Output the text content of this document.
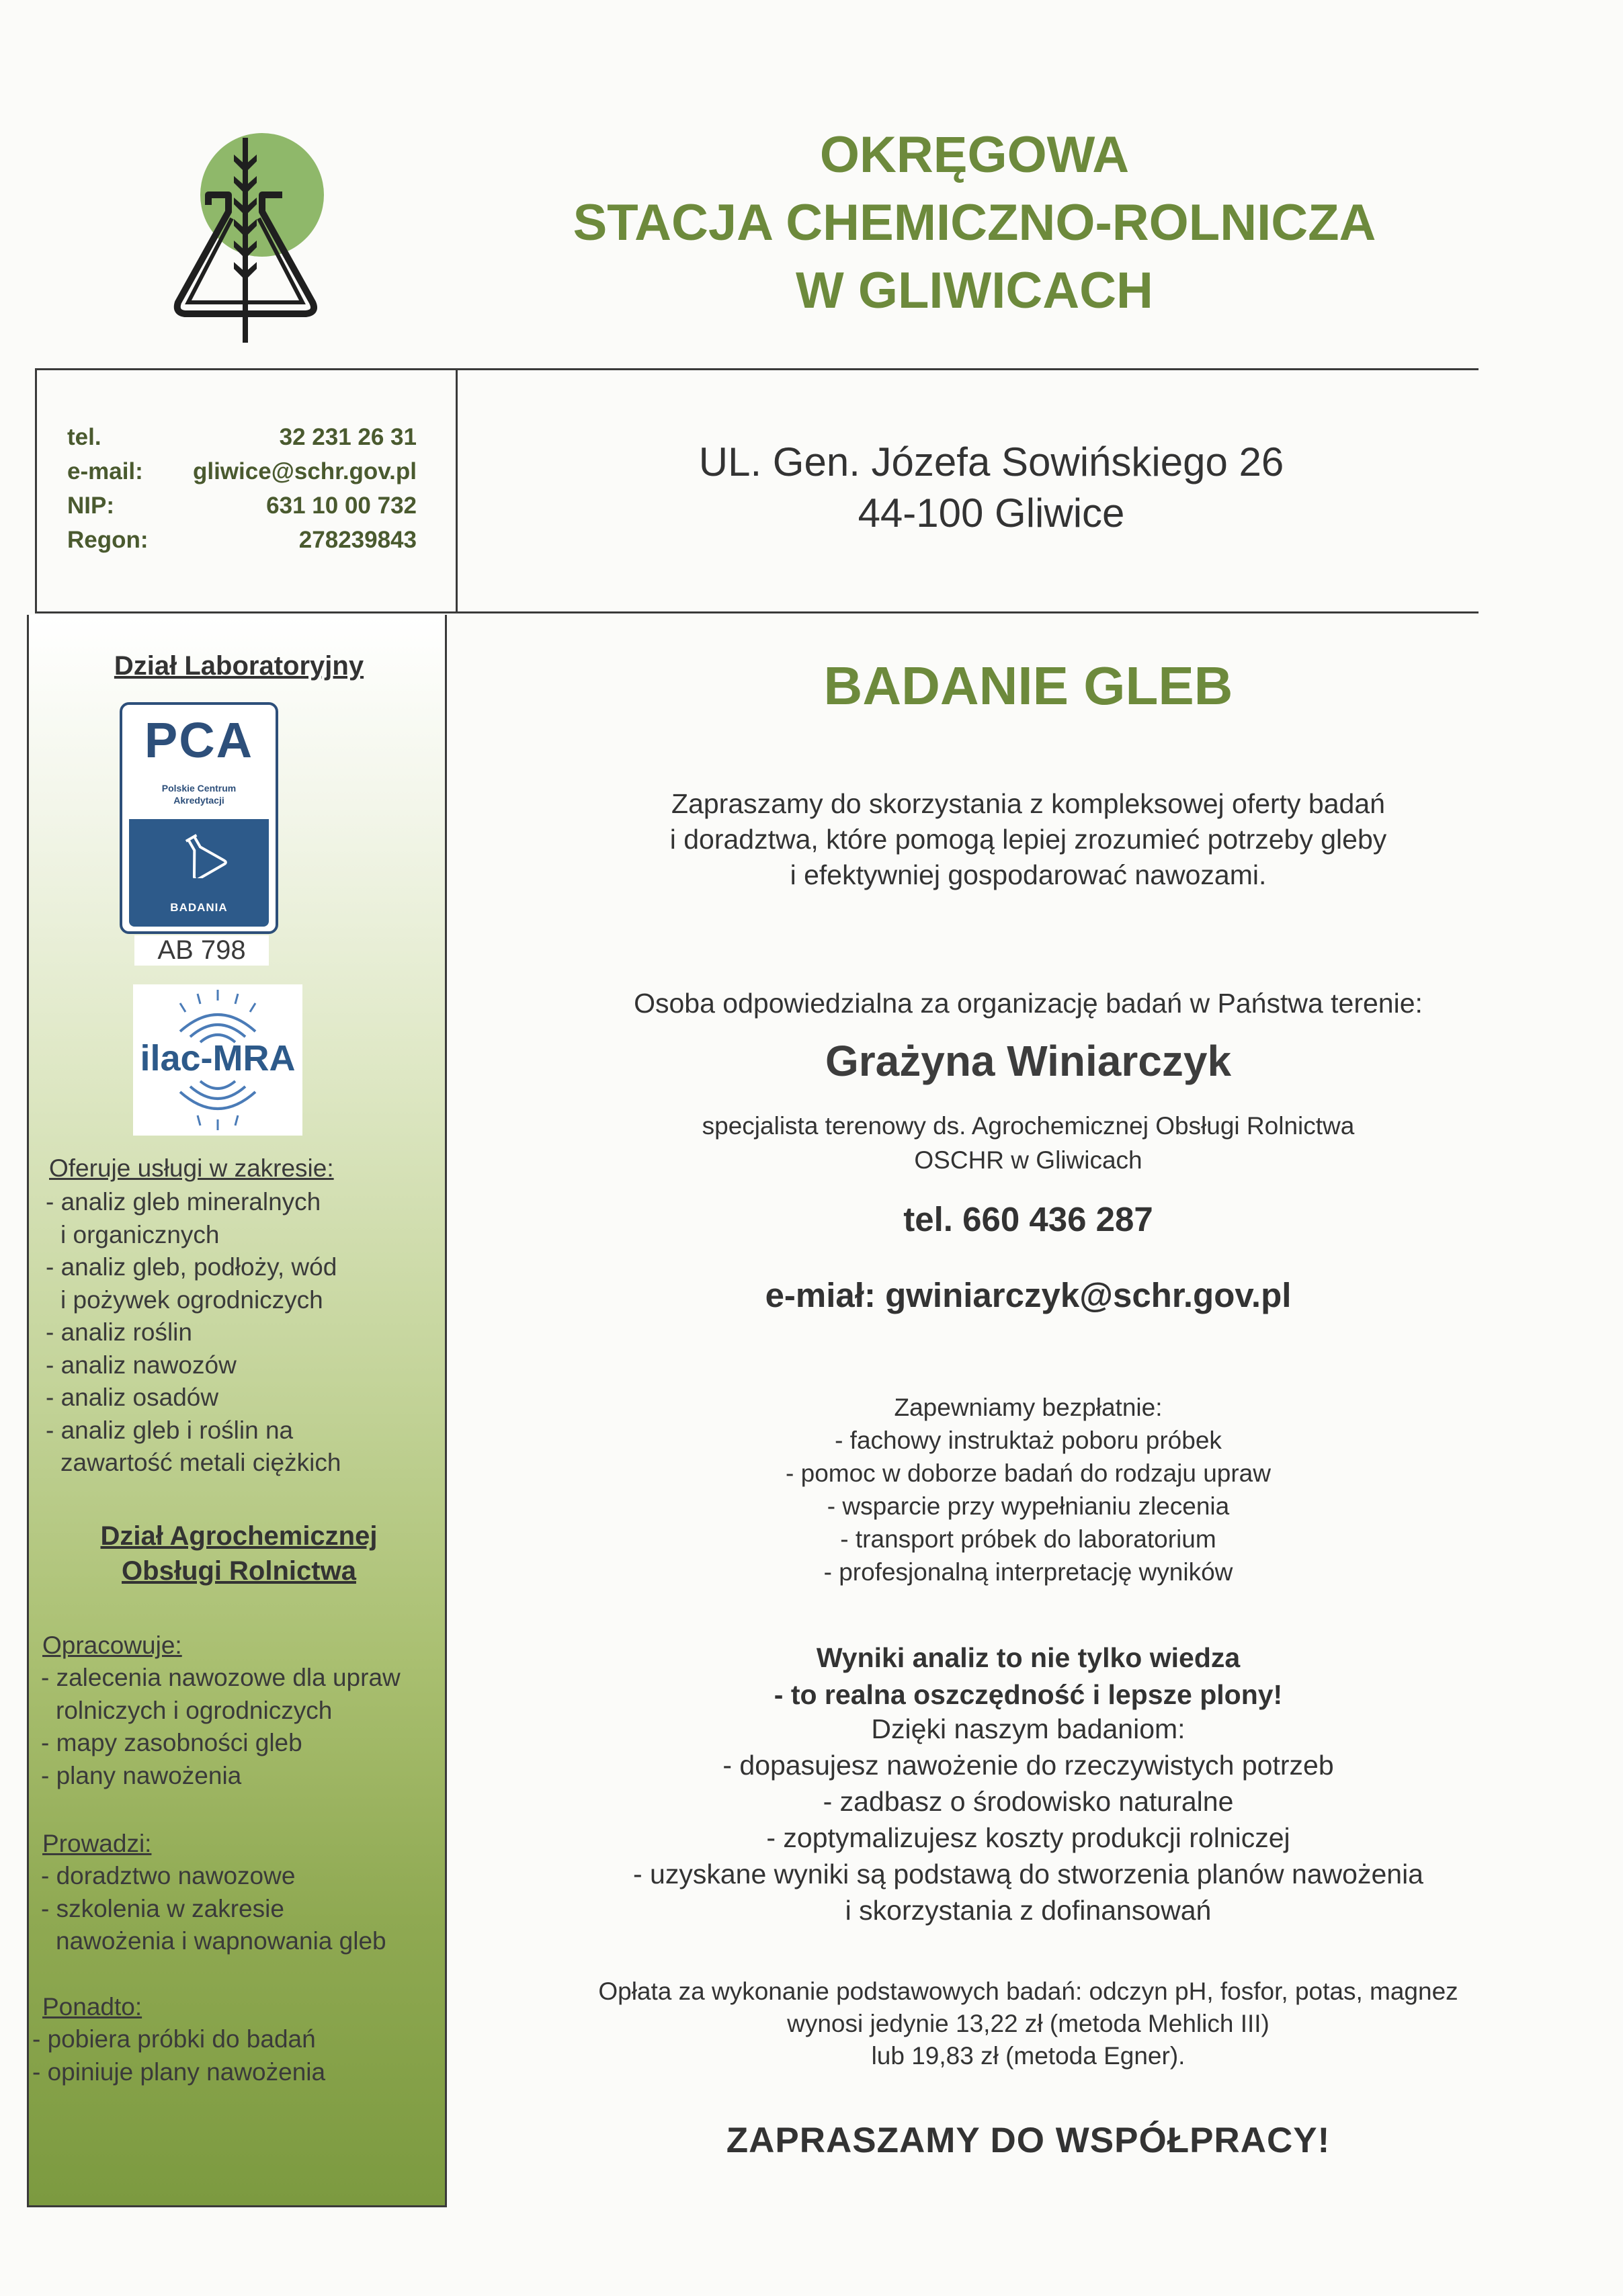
OKRĘGOWA
STACJA CHEMICZNO-ROLNICZA
W GLIWICACH
tel.	32 231 26 31
e-mail: gliwice@schr.gov.pl
NIP:	631 10 00 732
Regon:	278239843
UL. Gen. Józefa Sowińskiego 26
44-100 Gliwice
Dział Laboratoryjny
Oferuje usługi w zakresie:
- analiz gleb mineralnych
i organicznych
- analiz gleb, podłoży, wód
i pożywek ogrodniczych
- analiz roślin
- analiz nawozów
- analiz osadów
- analiz gleb i roślin na
zawartość metali ciężkich
Dział Agrochemicznej
Obsługi Rolnictwa
Opracowuje:
- zalecenia nawozowe dla upraw
rolniczych i ogrodniczych
- mapy zasobności gleb
- plany nawożenia
Prowadzi:
- doradztwo nawozowe
- szkolenia w zakresie
nawożenia i wapnowania gleb
Ponadto:
- pobiera próbki do badań
- opiniuje plany nawożenia
PCA
Polskie Centrum
Akredytacji
BADANIA
AB 798
ilac-MRA
BADANIE GLEB
Zapraszamy do skorzystania z kompleksowej oferty badań
i doradztwa, które pomogą lepiej zrozumieć potrzeby gleby
i efektywniej gospodarować nawozami.
Osoba odpowiedzialna za organizację badań w Państwa terenie:
Grażyna Winiarczyk
specjalista terenowy ds. Agrochemicznej Obsługi Rolnictwa
OSCHR w Gliwicach
tel. 660 436 287
e-miał: gwiniarczyk@schr.gov.pl
Zapewniamy bezpłatnie:
- fachowy instruktaż poboru próbek
- pomoc w doborze badań do rodzaju upraw
- wsparcie przy wypełnianiu zlecenia
- transport próbek do laboratorium
- profesjonalną interpretację wyników
Wyniki analiz to nie tylko wiedza
- to realna oszczędność i lepsze plony!
Dzięki naszym badaniom:
- dopasujesz nawożenie do rzeczywistych potrzeb
- zadbasz o środowisko naturalne
- zoptymalizujesz koszty produkcji rolniczej
- uzyskane wyniki są podstawą do stworzenia planów nawożenia
i skorzystania z dofinansowań
Opłata za wykonanie podstawowych badań: odczyn pH, fosfor, potas, magnez
wynosi jedynie 13,22 zł (metoda Mehlich III)
lub 19,83 zł (metoda Egner).
ZAPRASZAMY DO WSPÓŁPRACY!
